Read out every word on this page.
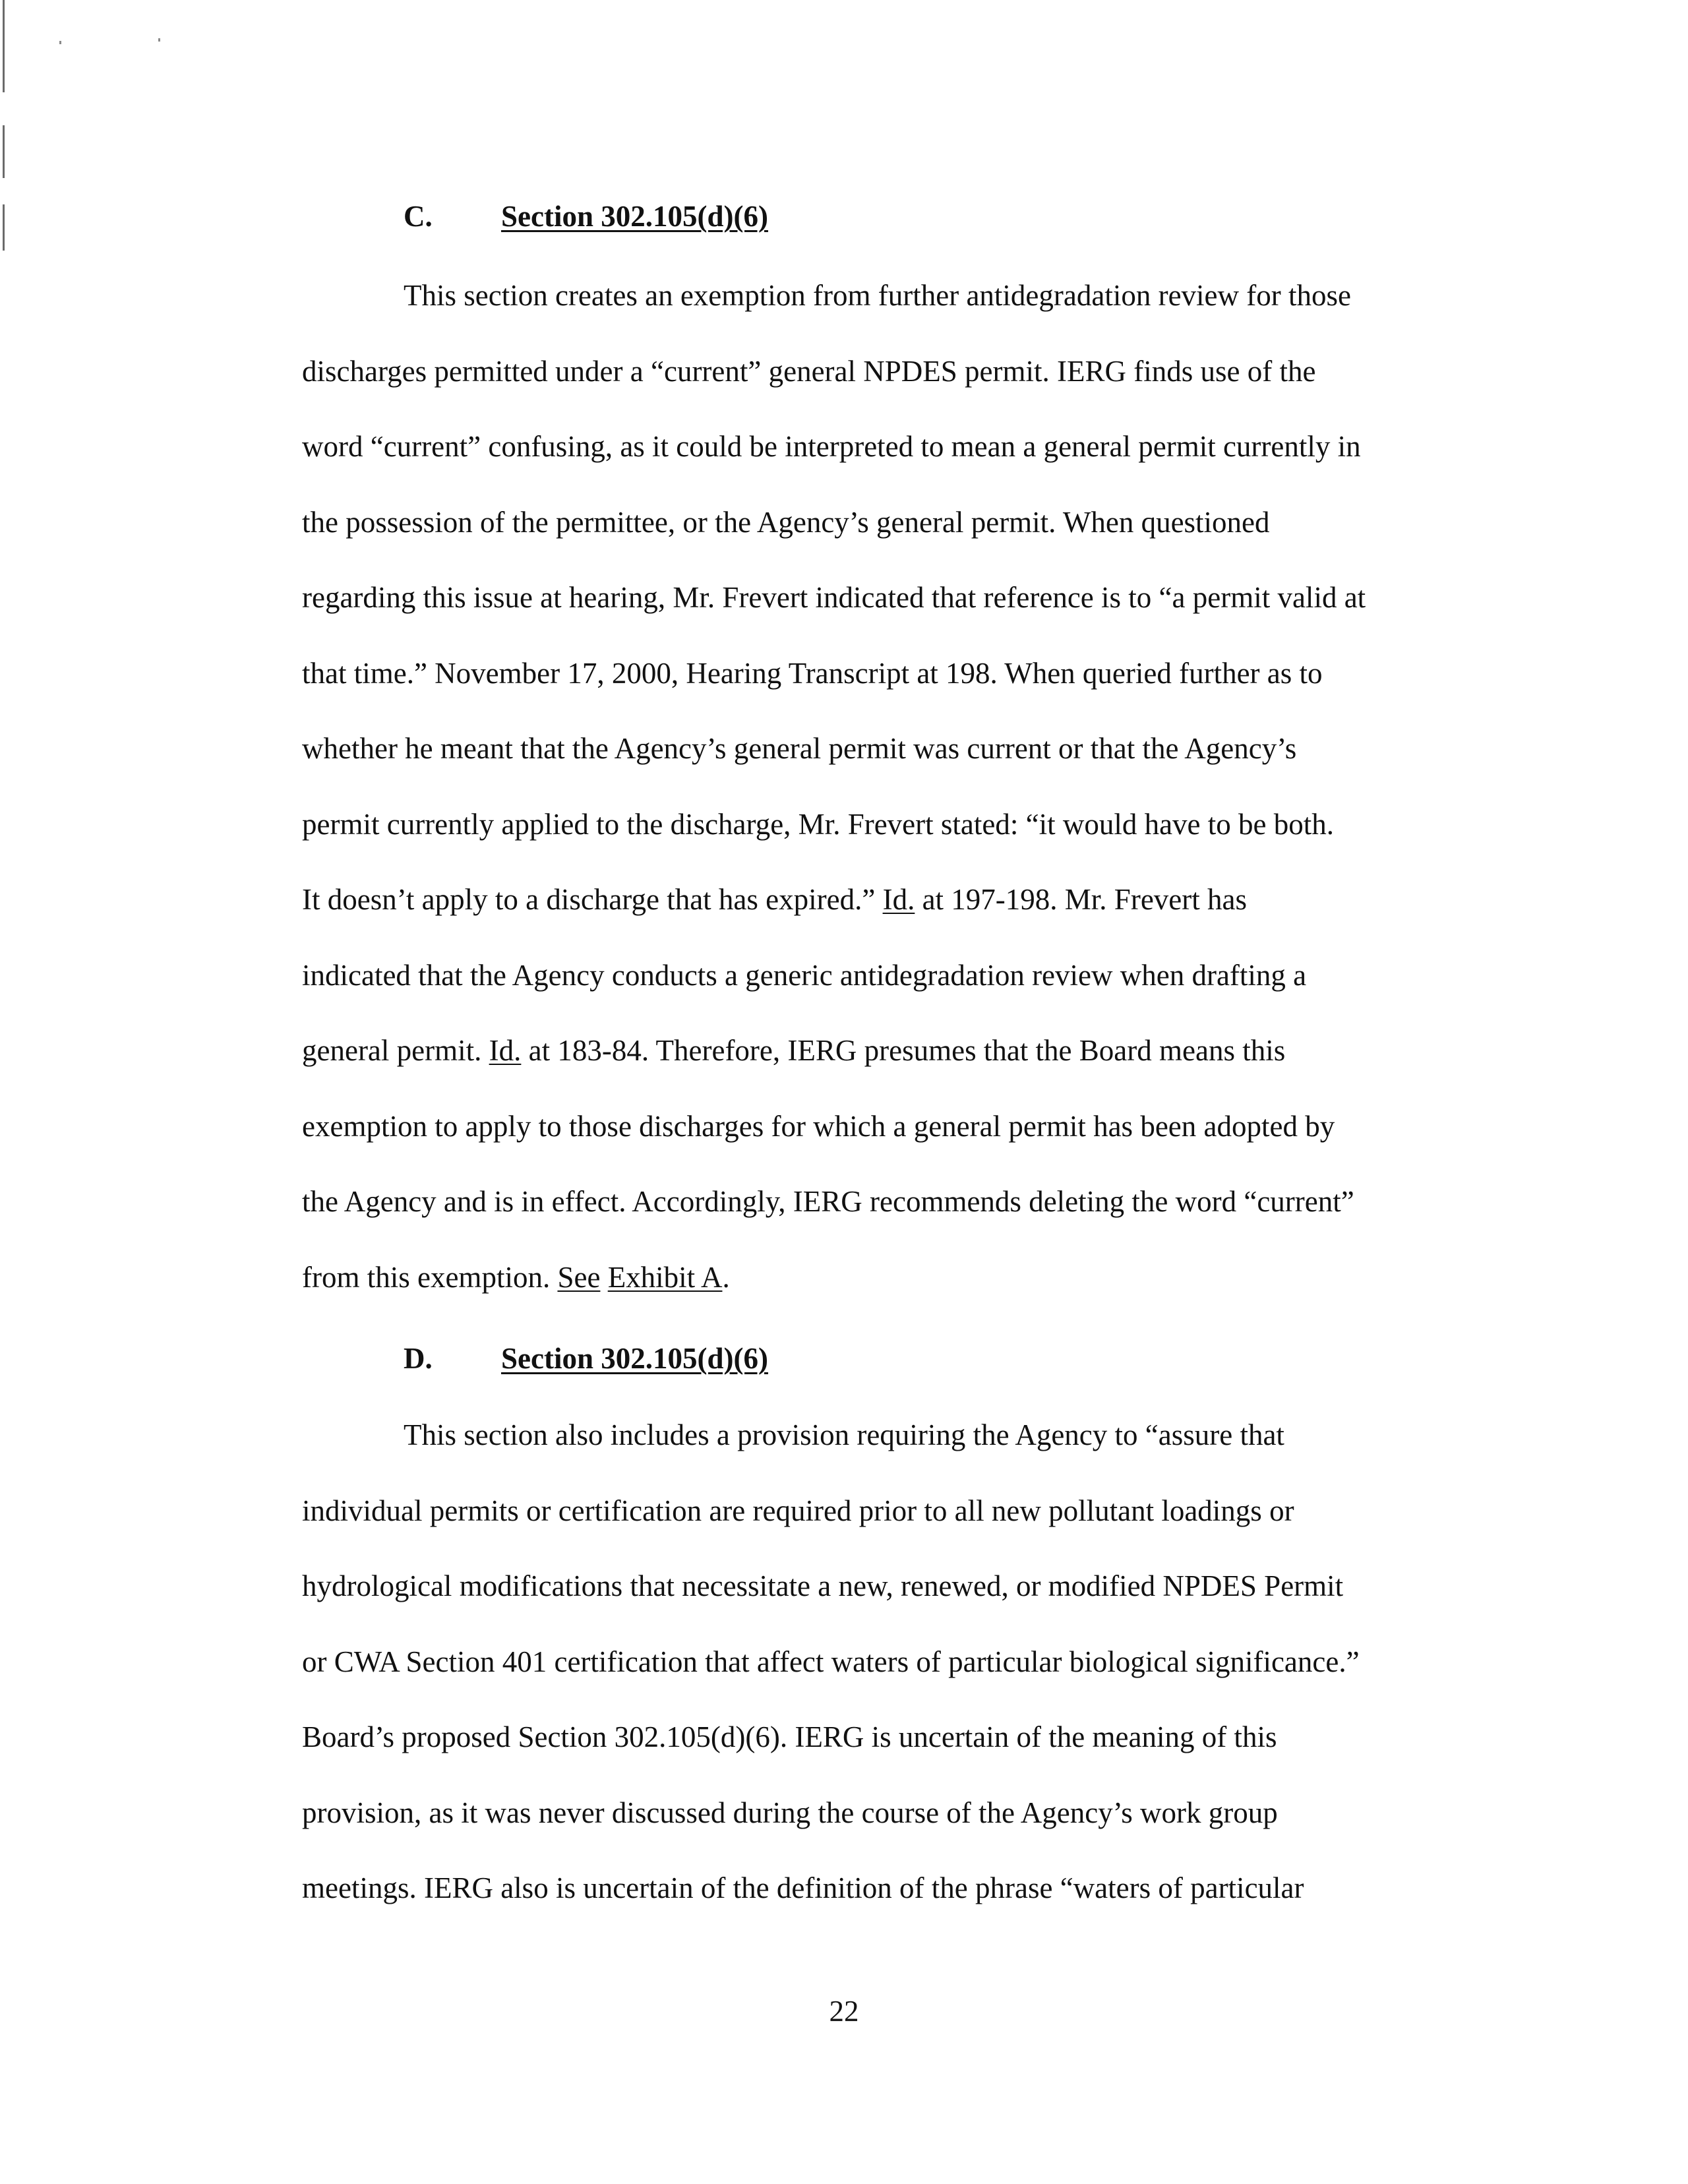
C. Section 302.105(d)(6)
This section creates an exemption from further antidegradation review for those
discharges permitted under a “current” general NPDES permit. IERG finds use of the
word “current” confusing, as it could be interpreted to mean a general permit currently in
the possession of the permittee, or the Agency’s general permit. When questioned
regarding this issue at hearing, Mr. Frevert indicated that reference is to “a permit valid at
that time.” November 17, 2000, Hearing Transcript at 198. When queried further as to
whether he meant that the Agency’s general permit was current or that the Agency’s
permit currently applied to the discharge, Mr. Frevert stated: “it would have to be both.
It doesn’t apply to a discharge that has expired.” Id. at 197-198. Mr. Frevert has
indicated that the Agency conducts a generic antidegradation review when drafting a
general permit. Id. at 183-84. Therefore, IERG presumes that the Board means this
exemption to apply to those discharges for which a general permit has been adopted by
the Agency and is in effect. Accordingly, IERG recommends deleting the word “current”
from this exemption. See Exhibit A.
D. Section 302.105(d)(6)
This section also includes a provision requiring the Agency to “assure that
individual permits or certification are required prior to all new pollutant loadings or
hydrological modifications that necessitate a new, renewed, or modified NPDES Permit
or CWA Section 401 certification that affect waters of particular biological significance.”
Board’s proposed Section 302.105(d)(6). IERG is uncertain of the meaning of this
provision, as it was never discussed during the course of the Agency’s work group
meetings. IERG also is uncertain of the definition of the phrase “waters of particular
22
